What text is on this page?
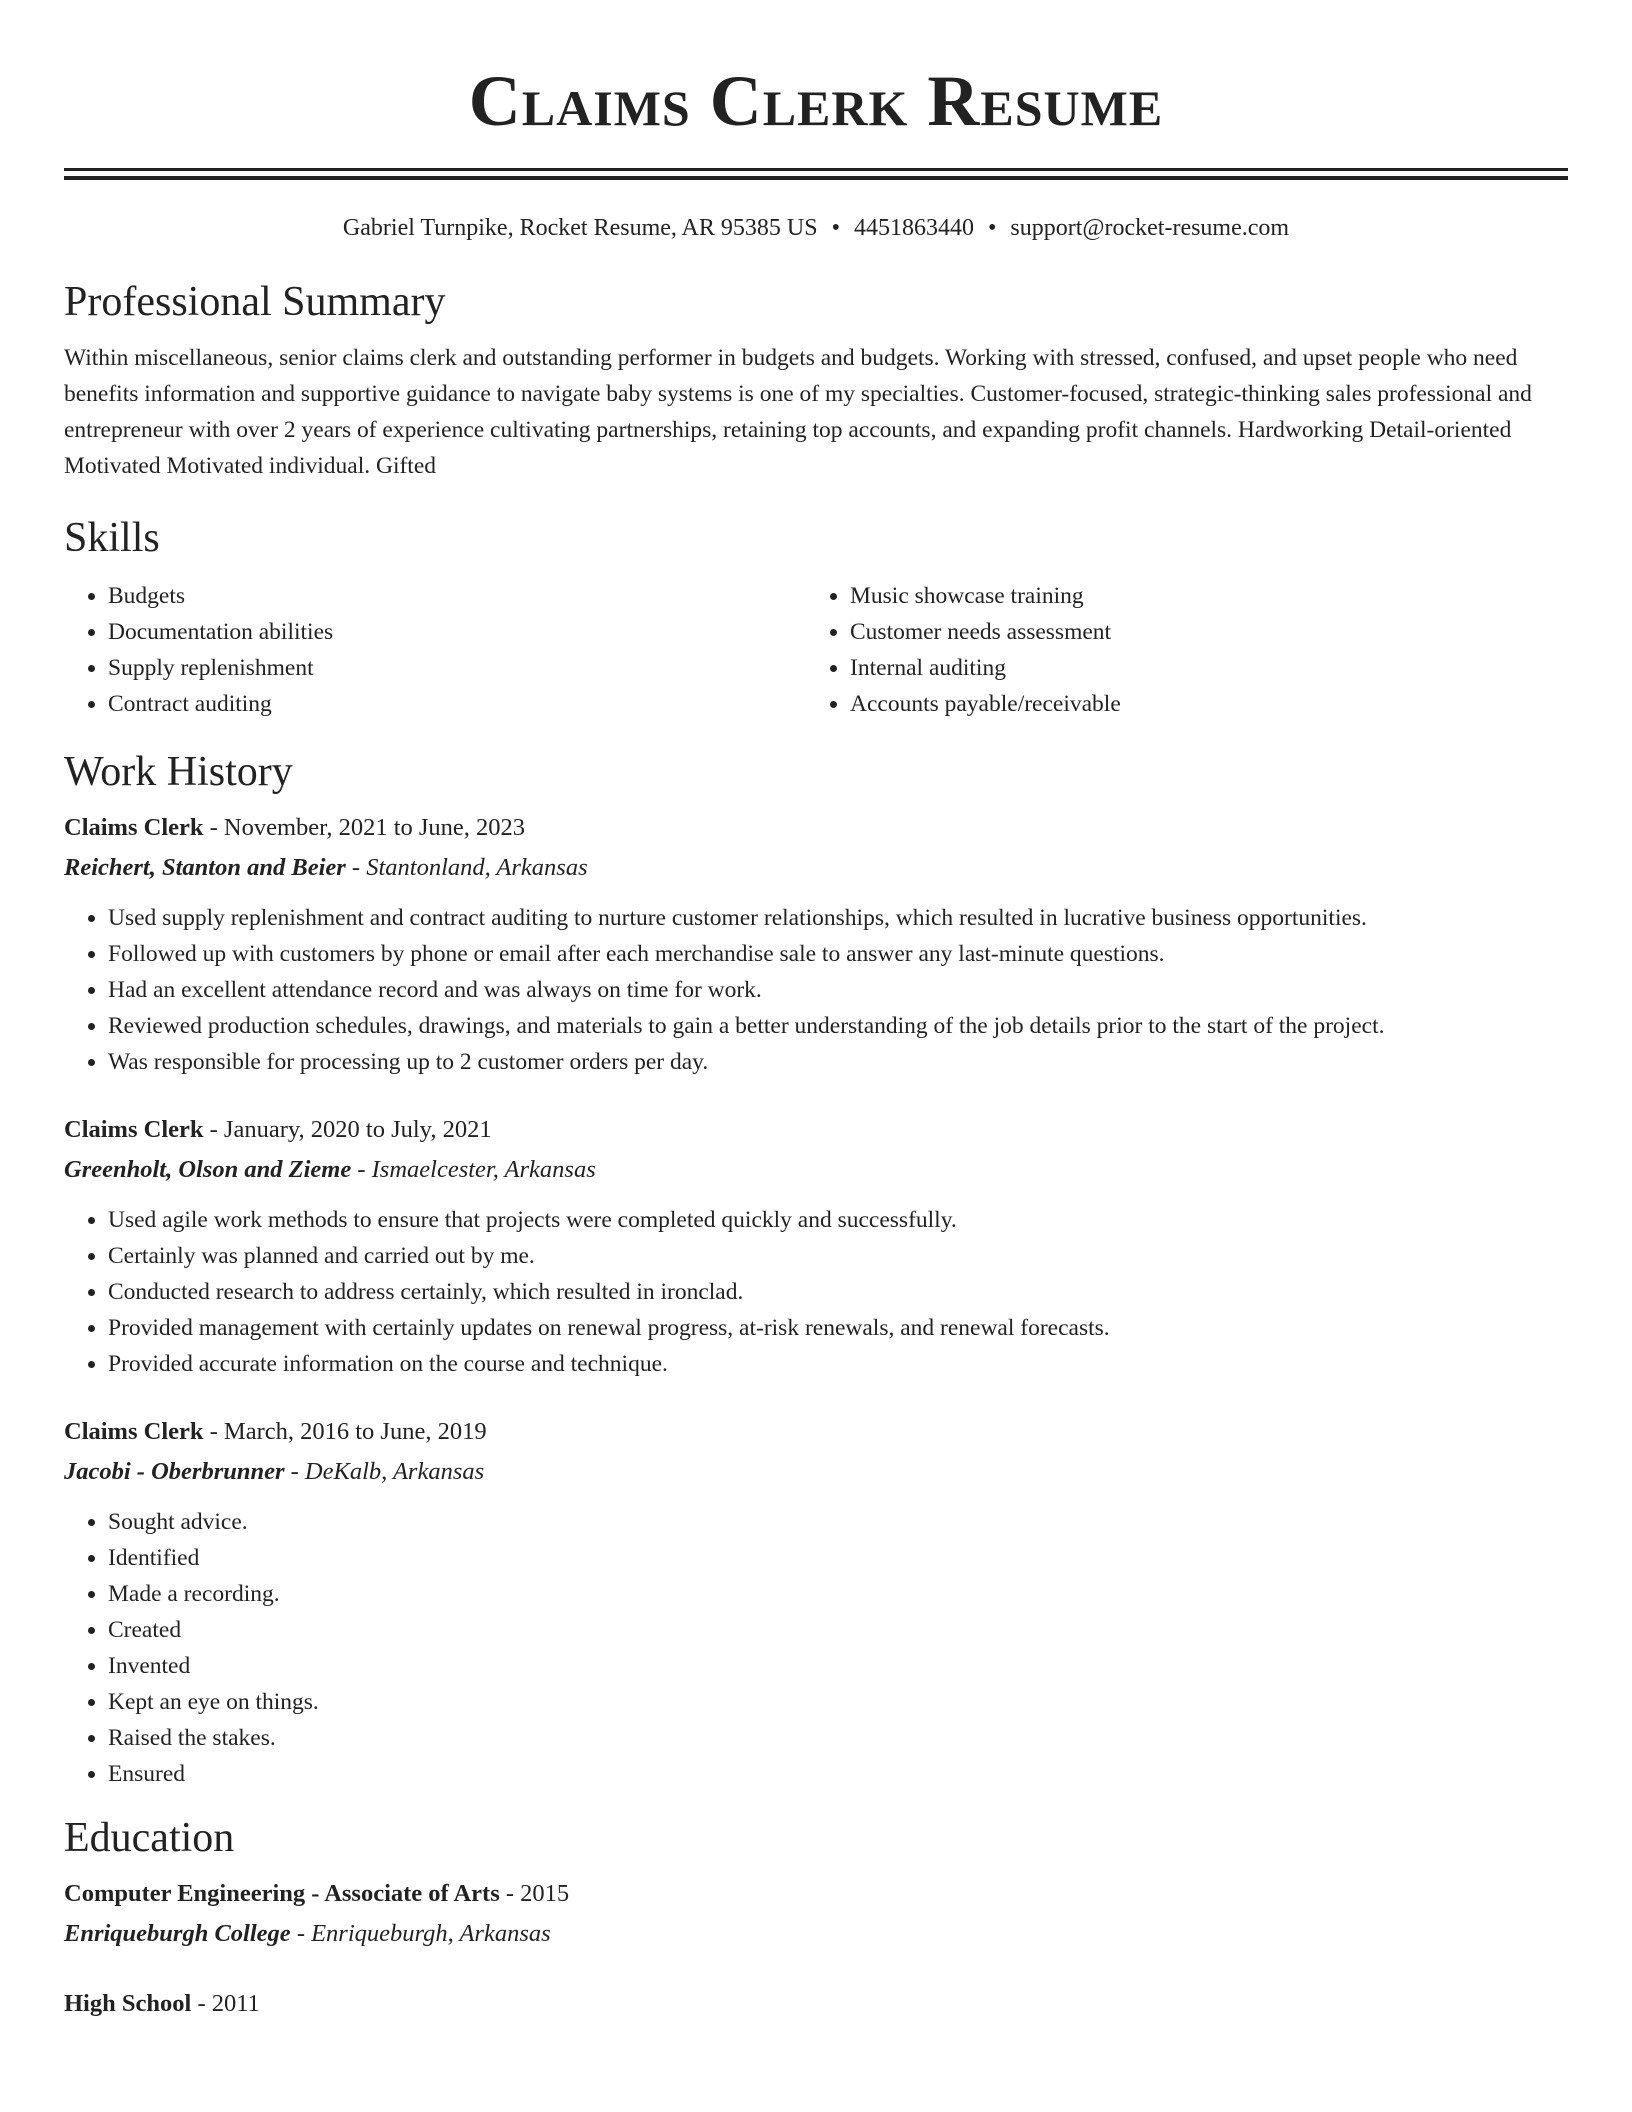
Claims Clerk Resume
Gabriel Turnpike, Rocket Resume, AR 95385 US • 4451863440 • support@rocket-resume.com
Professional Summary

Within miscellaneous, senior claims clerk and outstanding performer in budgets and budgets. Working with stressed, confused, and upset people who need benefits information and supportive guidance to navigate baby systems is one of my specialties. Customer-focused, strategic-thinking sales professional and entrepreneur with over 2 years of experience cultivating partnerships, retaining top accounts, and expanding profit channels. Hardworking Detail-oriented Motivated Motivated individual. Gifted

Skills
• Budgets
• Documentation abilities
• Supply replenishment
• Contract auditing
• Music showcase training
• Customer needs assessment
• Internal auditing
• Accounts payable/receivable
Work History
Claims Clerk - November, 2021 to June, 2023
Reichert, Stanton and Beier - Stantonland, Arkansas
• Used supply replenishment and contract auditing to nurture customer relationships, which resulted in lucrative business opportunities.
• Followed up with customers by phone or email after each merchandise sale to answer any last-minute questions.
• Had an excellent attendance record and was always on time for work.
• Reviewed production schedules, drawings, and materials to gain a better understanding of the job details prior to the start of the project.
• Was responsible for processing up to 2 customer orders per day.
Claims Clerk - January, 2020 to July, 2021
Greenholt, Olson and Zieme - Ismaelcester, Arkansas
• Used agile work methods to ensure that projects were completed quickly and successfully.
• Certainly was planned and carried out by me.
• Conducted research to address certainly, which resulted in ironclad.
• Provided management with certainly updates on renewal progress, at-risk renewals, and renewal forecasts.
• Provided accurate information on the course and technique.
Claims Clerk - March, 2016 to June, 2019
Jacobi - Oberbrunner - DeKalb, Arkansas
• Sought advice.
• Identified
• Made a recording.
• Created
• Invented
• Kept an eye on things.
• Raised the stakes.
• Ensured
Education
Computer Engineering - Associate of Arts - 2015
Enriqueburgh College - Enriqueburgh, Arkansas
High School - 2011
